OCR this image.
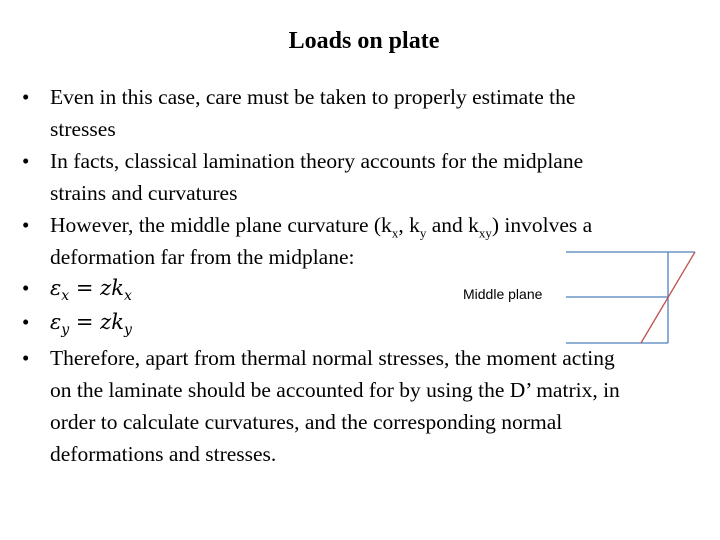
Loads on plate
• Even in this case, care must be taken to properly estimate the
stresses
• In facts, classical lamination theory accounts for the midplane
strains and curvatures
• However, the middle plane curvature ($k_x$, $k_y$ and $k_{xy}$) involves a
deformation far from the midplane:
• $\varepsilon_x = zk_x$
• $\varepsilon_y = zk_y$
• Therefore, apart from thermal normal stresses, the moment acting
on the laminate should be accounted for by using the D’ matrix, in
order to calculate curvatures, and the corresponding normal
deformations and stresses.
Middle plane
